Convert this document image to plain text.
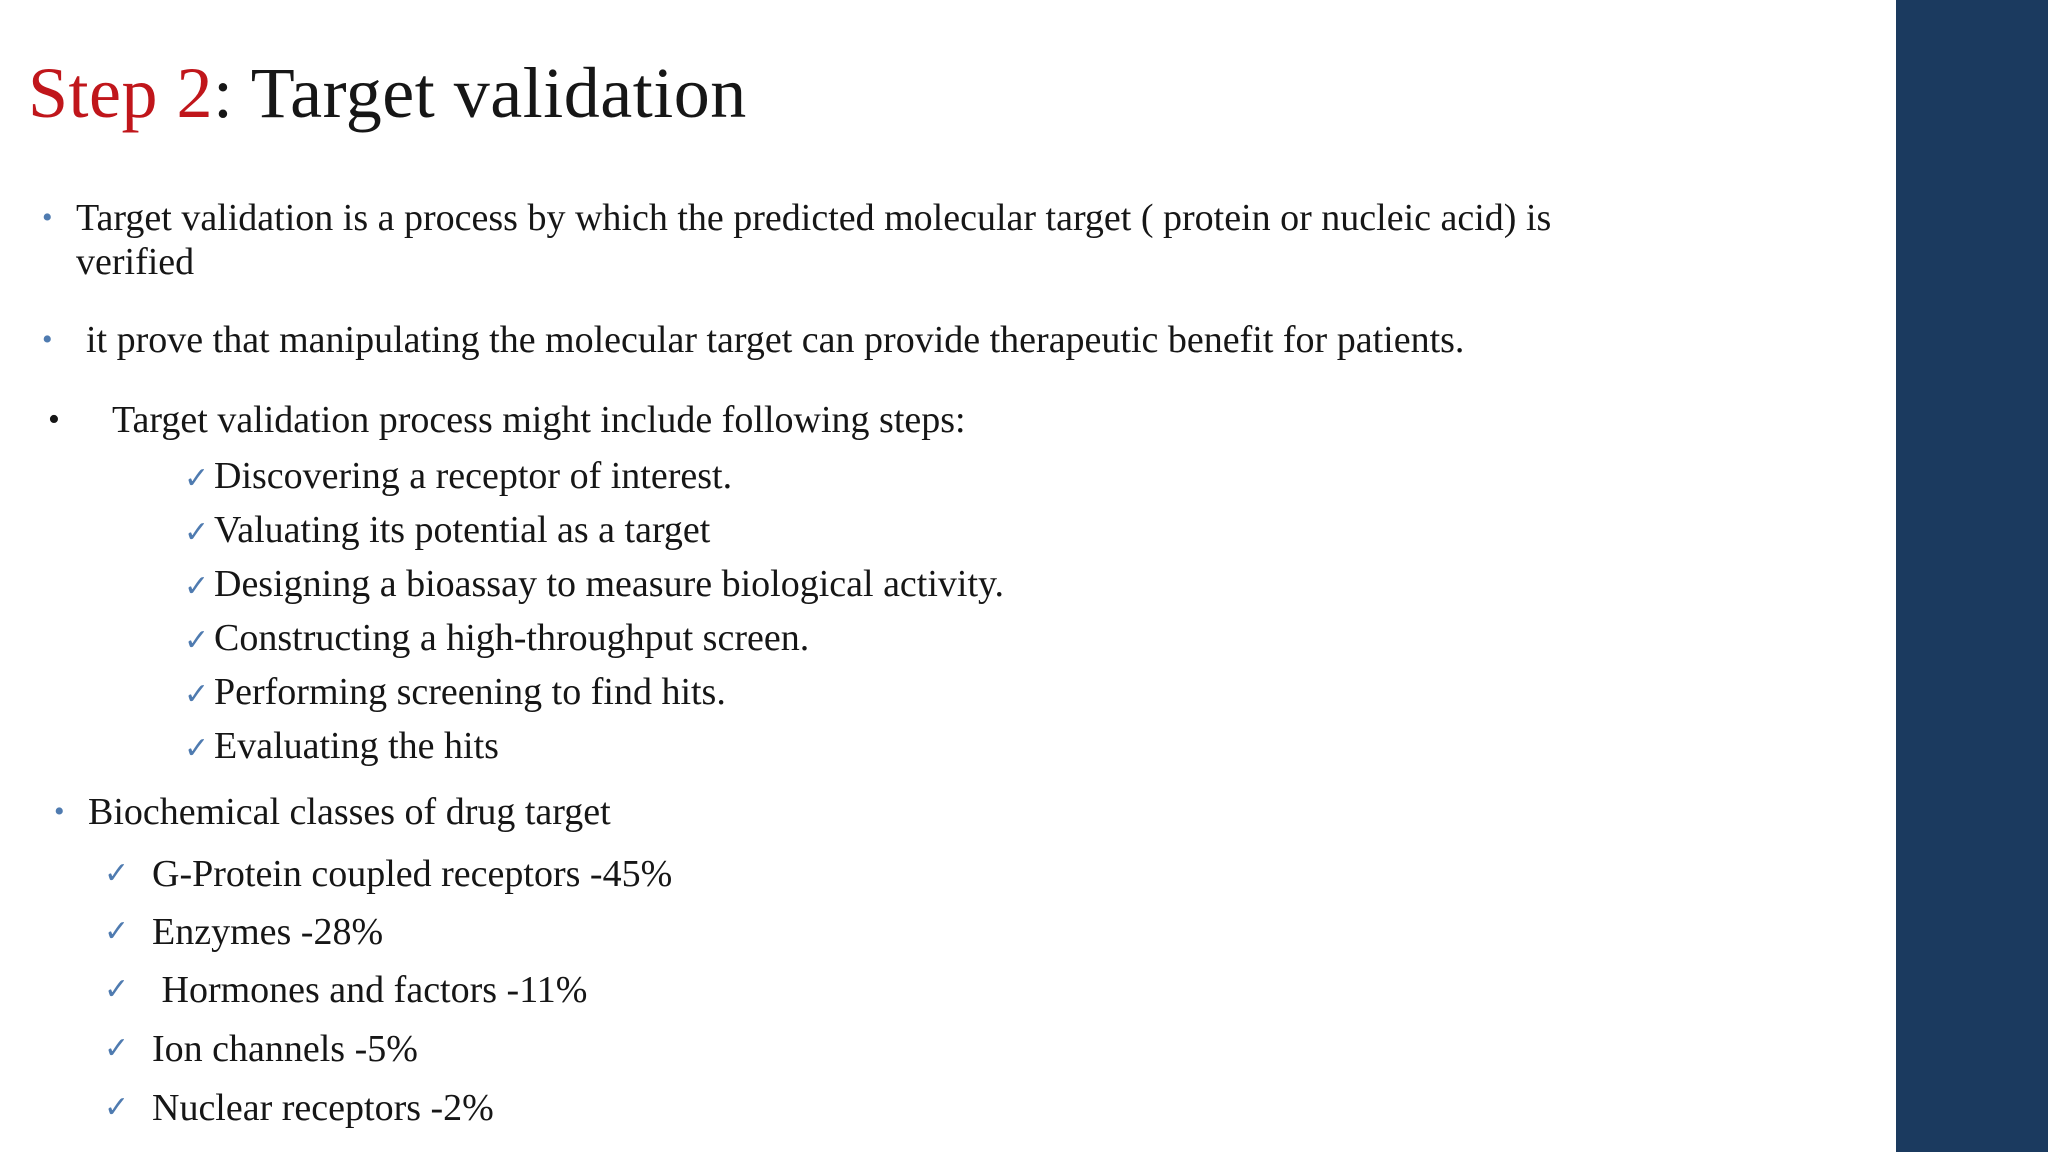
Step 2: Target validation
• Target validation is a process by which the predicted molecular target ( protein or nucleic acid) is
verified
• it prove that manipulating the molecular target can provide therapeutic benefit for patients.
• Target validation process might include following steps:
✓ Discovering a receptor of interest.
✓ Valuating its potential as a target
✓ Designing a bioassay to measure biological activity.
✓ Constructing a high-throughput screen.
✓ Performing screening to find hits.
✓ Evaluating the hits
• Biochemical classes of drug target
✓ G-Protein coupled receptors -45%
✓ Enzymes -28%
✓ Hormones and factors -11%
✓ Ion channels -5%
✓ Nuclear receptors -2%
